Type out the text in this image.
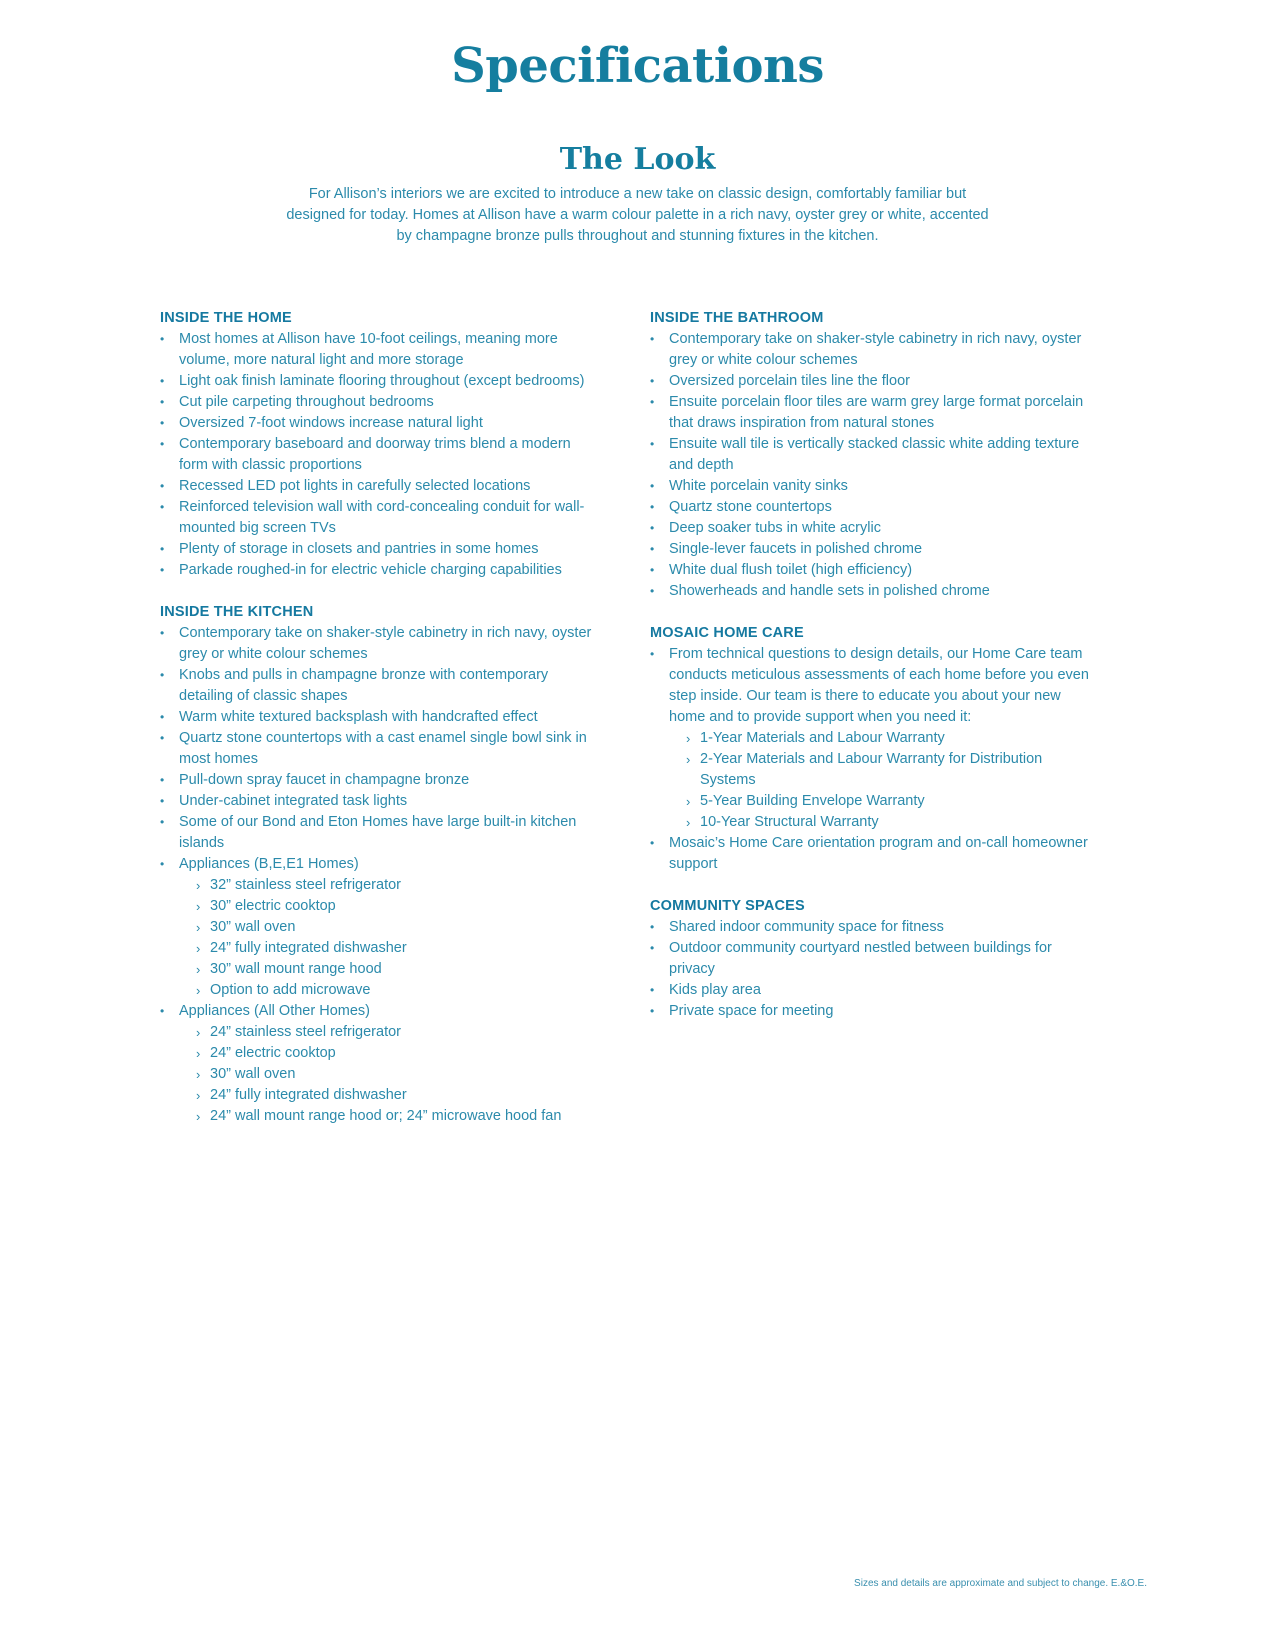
Specifications
The Look

For Allison’s interiors we are excited to introduce a new take on classic design, comfortably familiar but designed for today. Homes at Allison have a warm colour palette in a rich navy, oyster grey or white, accented by champagne bronze pulls throughout and stunning fixtures in the kitchen.

INSIDE THE HOME
• Most homes at Allison have 10-foot ceilings, meaning more volume, more natural light and more storage
• Light oak finish laminate flooring throughout (except bedrooms)
• Cut pile carpeting throughout bedrooms
• Oversized 7-foot windows increase natural light
• Contemporary baseboard and doorway trims blend a modern form with classic proportions
• Recessed LED pot lights in carefully selected locations
• Reinforced television wall with cord-concealing conduit for wall-mounted big screen TVs
• Plenty of storage in closets and pantries in some homes
• Parkade roughed-in for electric vehicle charging capabilities
INSIDE THE KITCHEN
• Contemporary take on shaker-style cabinetry in rich navy, oyster grey or white colour schemes
• Knobs and pulls in champagne bronze with contemporary detailing of classic shapes
• Warm white textured backsplash with handcrafted effect
• Quartz stone countertops with a cast enamel single bowl sink in most homes
• Pull-down spray faucet in champagne bronze
• Under-cabinet integrated task lights
• Some of our Bond and Eton Homes have large built-in kitchen islands
• Appliances (B,E,E1 Homes)
› 32” stainless steel refrigerator
› 30” electric cooktop
› 30” wall oven
› 24” fully integrated dishwasher
› 30” wall mount range hood
› Option to add microwave
• Appliances (All Other Homes)
› 24” stainless steel refrigerator
› 24” electric cooktop
› 30” wall oven
› 24” fully integrated dishwasher
› 24” wall mount range hood or; 24” microwave hood fan
INSIDE THE BATHROOM
• Contemporary take on shaker-style cabinetry in rich navy, oyster grey or white colour schemes
• Oversized porcelain tiles line the floor
• Ensuite porcelain floor tiles are warm grey large format porcelain that draws inspiration from natural stones
• Ensuite wall tile is vertically stacked classic white adding texture and depth
• White porcelain vanity sinks
• Quartz stone countertops
• Deep soaker tubs in white acrylic
• Single-lever faucets in polished chrome
• White dual flush toilet (high efficiency)
• Showerheads and handle sets in polished chrome
MOSAIC HOME CARE
• From technical questions to design details, our Home Care team conducts meticulous assessments of each home before you even step inside. Our team is there to educate you about your new home and to provide support when you need it:
› 1-Year Materials and Labour Warranty
› 2-Year Materials and Labour Warranty for Distribution Systems
› 5-Year Building Envelope Warranty
› 10-Year Structural Warranty
• Mosaic’s Home Care orientation program and on-call homeowner support
COMMUNITY SPACES
• Shared indoor community space for fitness
• Outdoor community courtyard nestled between buildings for privacy
• Kids play area
• Private space for meeting

Sizes and details are approximate and subject to change. E.&O.E.
